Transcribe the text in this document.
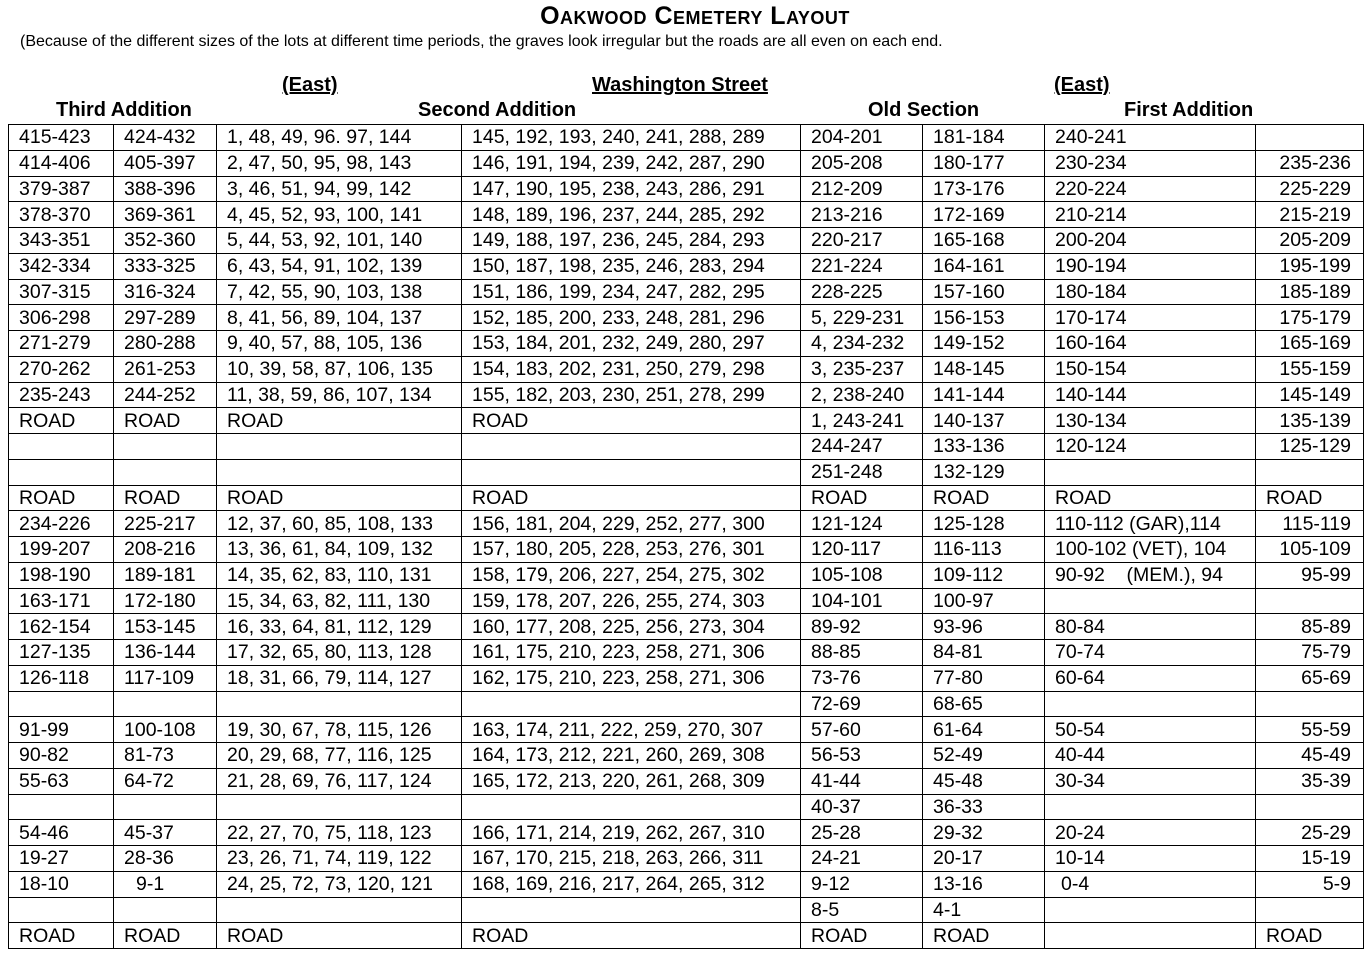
Oakwood Cemetery Layout
(Because of the different sizes of the lots at different time periods, the graves look irregular but the roads are all even on each end.
(East)	Washington Street	(East)
Third Addition	Second Addition	Old Section	First Addition
415-423	424-432	1, 48, 49, 96. 97, 144	145, 192, 193, 240, 241, 288, 289	204-201	181-184	240-241	
414-406	405-397	2, 47, 50, 95, 98, 143	146, 191, 194, 239, 242, 287, 290	205-208	180-177	230-234	235-236
379-387	388-396	3, 46, 51, 94, 99, 142	147, 190, 195, 238, 243, 286, 291	212-209	173-176	220-224	225-229
378-370	369-361	4, 45, 52, 93, 100, 141	148, 189, 196, 237, 244, 285, 292	213-216	172-169	210-214	215-219
343-351	352-360	5, 44, 53, 92, 101, 140	149, 188, 197, 236, 245, 284, 293	220-217	165-168	200-204	205-209
342-334	333-325	6, 43, 54, 91, 102, 139	150, 187, 198, 235, 246, 283, 294	221-224	164-161	190-194	195-199
307-315	316-324	7, 42, 55, 90, 103, 138	151, 186, 199, 234, 247, 282, 295	228-225	157-160	180-184	185-189
306-298	297-289	8, 41, 56, 89, 104, 137	152, 185, 200, 233, 248, 281, 296	5, 229-231	156-153	170-174	175-179
271-279	280-288	9, 40, 57, 88, 105, 136	153, 184, 201, 232, 249, 280, 297	4, 234-232	149-152	160-164	165-169
270-262	261-253	10, 39, 58, 87, 106, 135	154, 183, 202, 231, 250, 279, 298	3, 235-237	148-145	150-154	155-159
235-243	244-252	11, 38, 59, 86, 107, 134	155, 182, 203, 230, 251, 278, 299	2, 238-240	141-144	140-144	145-149
ROAD	ROAD	ROAD	ROAD	1, 243-241	140-137	130-134	135-139
				244-247	133-136	120-124	125-129
				251-248	132-129		
ROAD	ROAD	ROAD	ROAD	ROAD	ROAD	ROAD	ROAD
234-226	225-217	12, 37, 60, 85, 108, 133	156, 181, 204, 229, 252, 277, 300	121-124	125-128	110-112 (GAR),114	115-119
199-207	208-216	13, 36, 61, 84, 109, 132	157, 180, 205, 228, 253, 276, 301	120-117	116-113	100-102 (VET), 104	105-109
198-190	189-181	14, 35, 62, 83, 110, 131	158, 179, 206, 227, 254, 275, 302	105-108	109-112	90-92    (MEM.), 94	95-99
163-171	172-180	15, 34, 63, 82, 111, 130	159, 178, 207, 226, 255, 274, 303	104-101	100-97		
162-154	153-145	16, 33, 64, 81, 112, 129	160, 177, 208, 225, 256, 273, 304	89-92	93-96	80-84	85-89
127-135	136-144	17, 32, 65, 80, 113, 128	161, 175, 210, 223, 258, 271, 306	88-85	84-81	70-74	75-79
126-118	117-109	18, 31, 66, 79, 114, 127	162, 175, 210, 223, 258, 271, 306	73-76	77-80	60-64	65-69
				72-69	68-65		
91-99	100-108	19, 30, 67, 78, 115, 126	163, 174, 211, 222, 259, 270, 307	57-60	61-64	50-54	55-59
90-82	81-73	20, 29, 68, 77, 116, 125	164, 173, 212, 221, 260, 269, 308	56-53	52-49	40-44	45-49
55-63	64-72	21, 28, 69, 76, 117, 124	165, 172, 213, 220, 261, 268, 309	41-44	45-48	30-34	35-39
				40-37	36-33		
54-46	45-37	22, 27, 70, 75, 118, 123	166, 171, 214, 219, 262, 267, 310	25-28	29-32	20-24	25-29
19-27	28-36	23, 26, 71, 74, 119, 122	167, 170, 215, 218, 263, 266, 311	24-21	20-17	10-14	15-19
18-10	9-1	24, 25, 72, 73, 120, 121	168, 169, 216, 217, 264, 265, 312	9-12	13-16	0-4	5-9
				8-5	4-1		
ROAD	ROAD	ROAD	ROAD	ROAD	ROAD		ROAD
